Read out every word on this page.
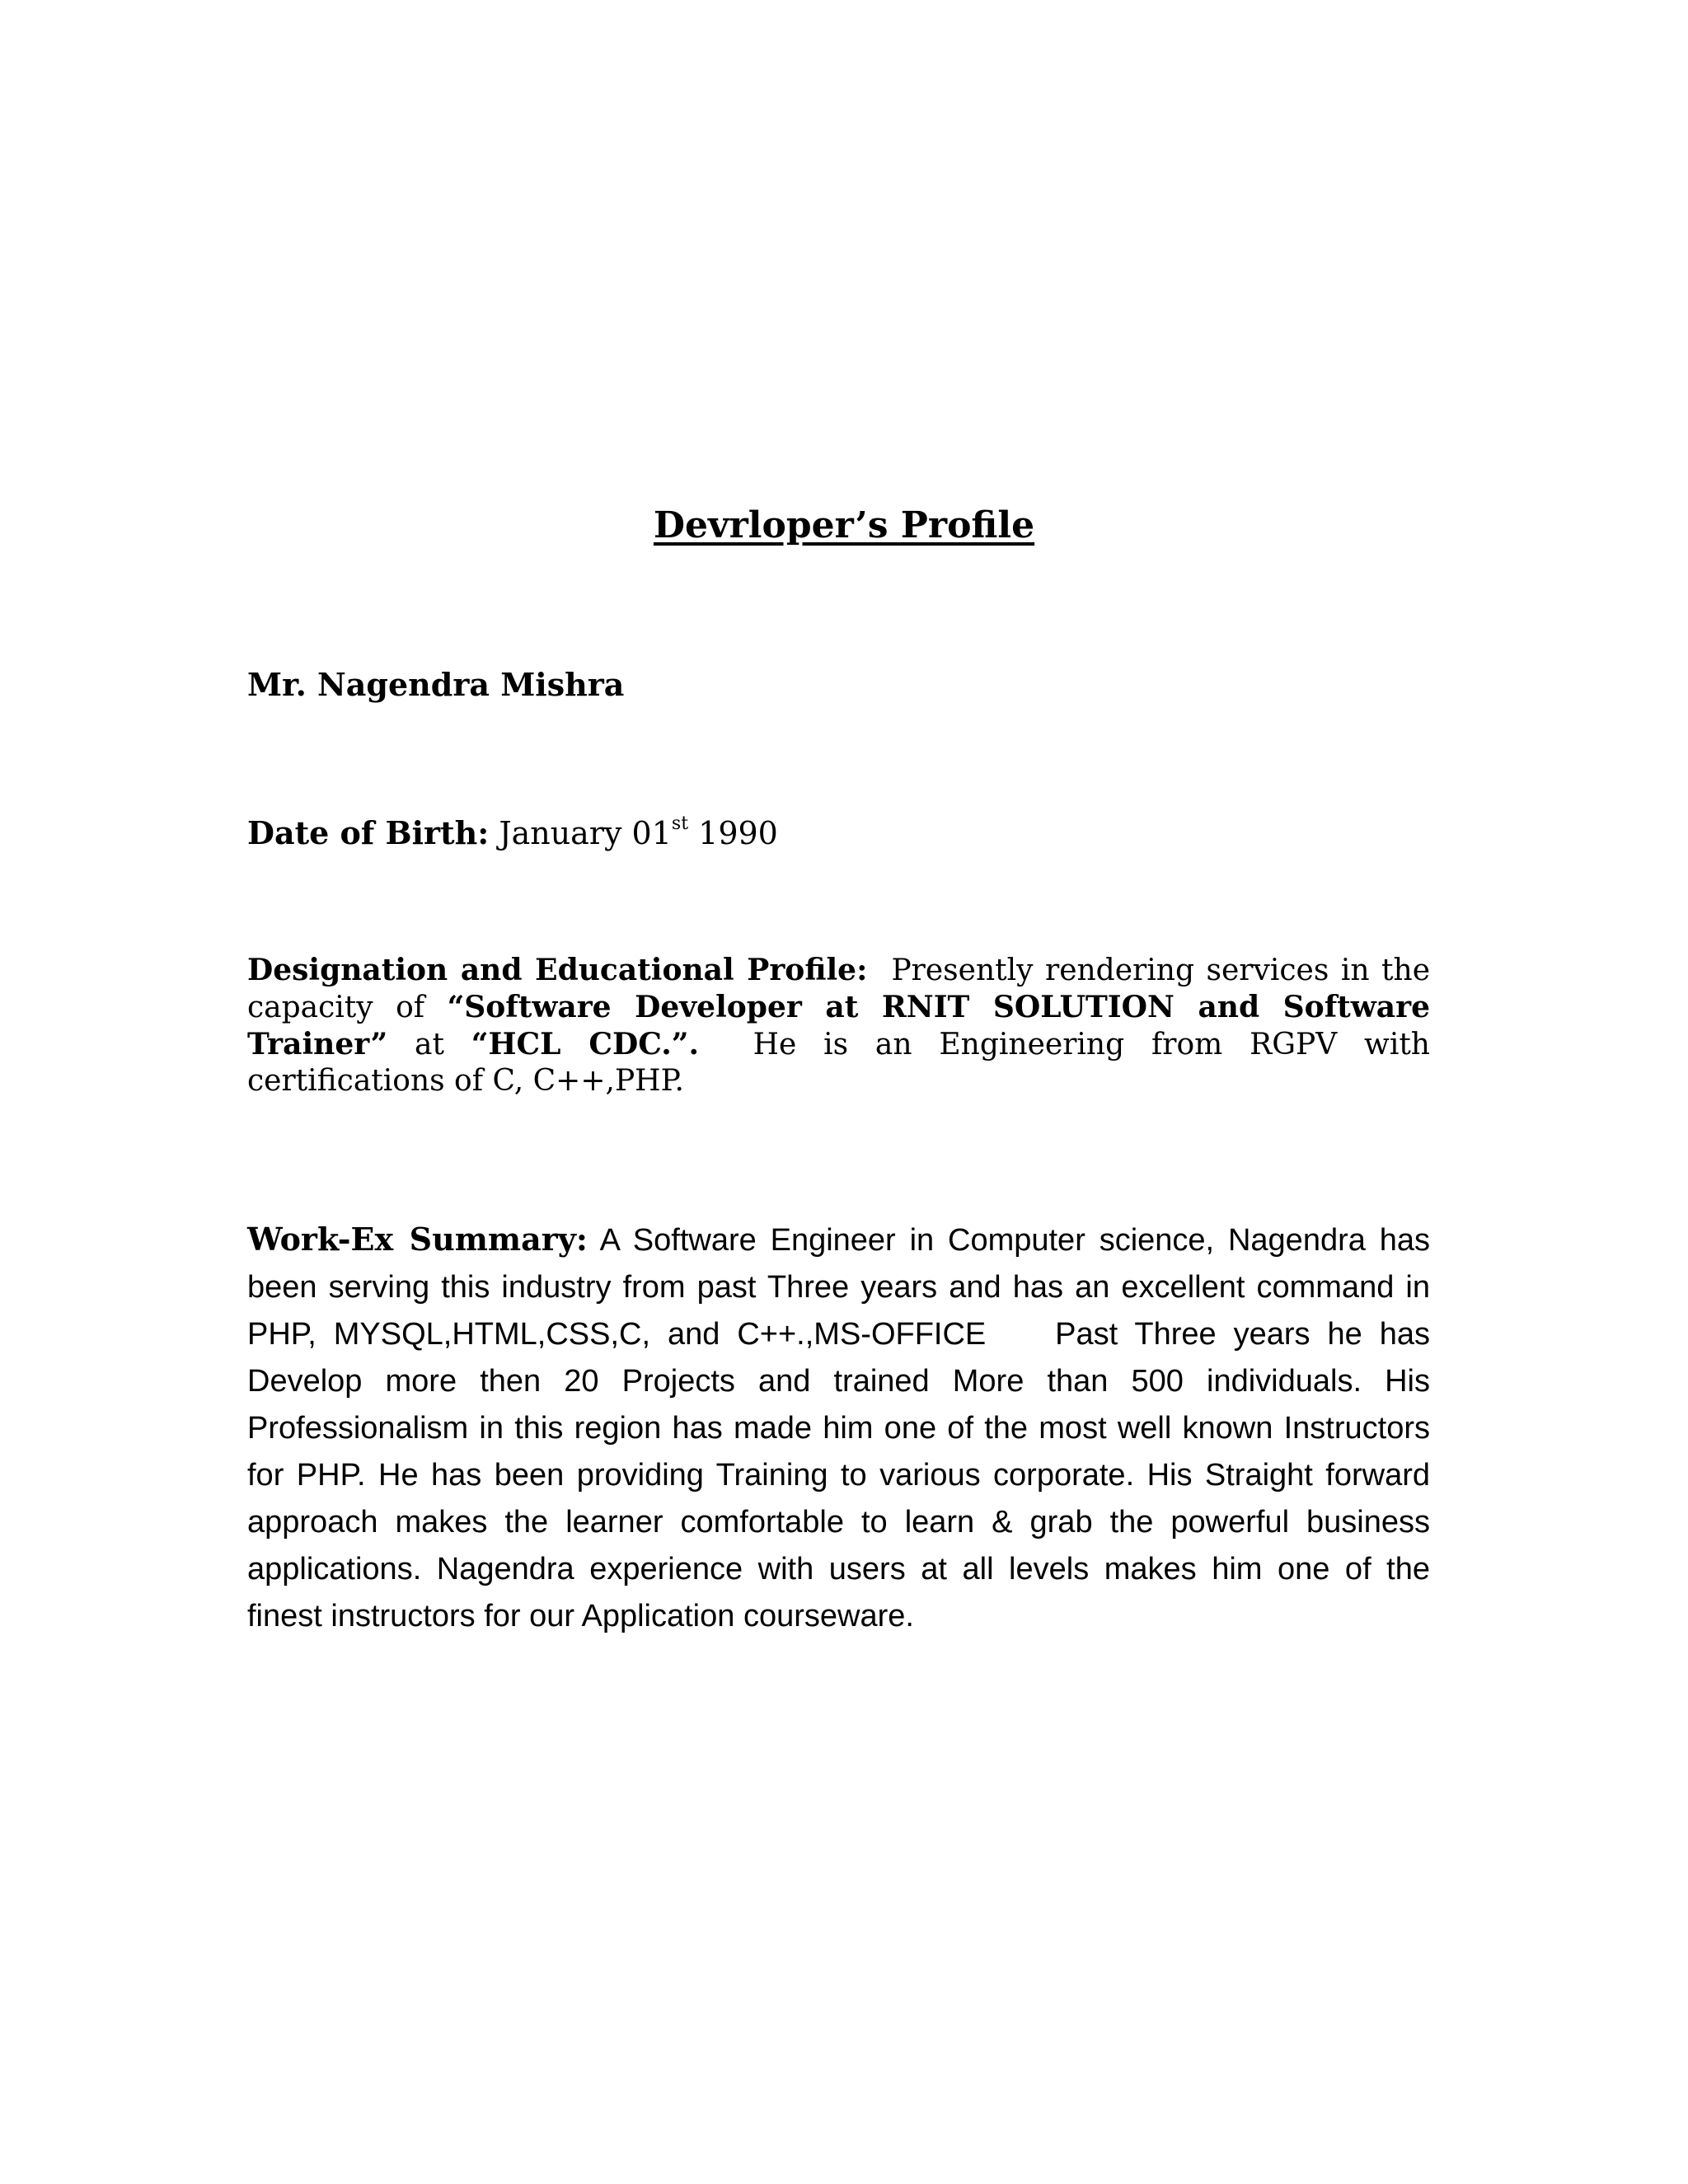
Devrloper’s Profile
Mr. Nagendra Mishra
Date of Birth: January 01st 1990
Designation and Educational Profile: Presently rendering services in the capacity of “Software Developer at RNIT SOLUTION and Software Trainer” at “HCL CDC.”. He is an Engineering from RGPV with certifications of C, C++,PHP.
Work-Ex Summary: A Software Engineer in Computer science, Nagendra has been serving this industry from past Three years and has an excellent command in PHP, MYSQL,HTML,CSS,C, and C++.,MS-OFFICE Past Three years he has Develop more then 20 Projects and trained More than 500 individuals. His Professionalism in this region has made him one of the most well known Instructors for PHP. He has been providing Training to various corporate. His Straight forward approach makes the learner comfortable to learn & grab the powerful business applications. Nagendra experience with users at all levels makes him one of the finest instructors for our Application courseware.
